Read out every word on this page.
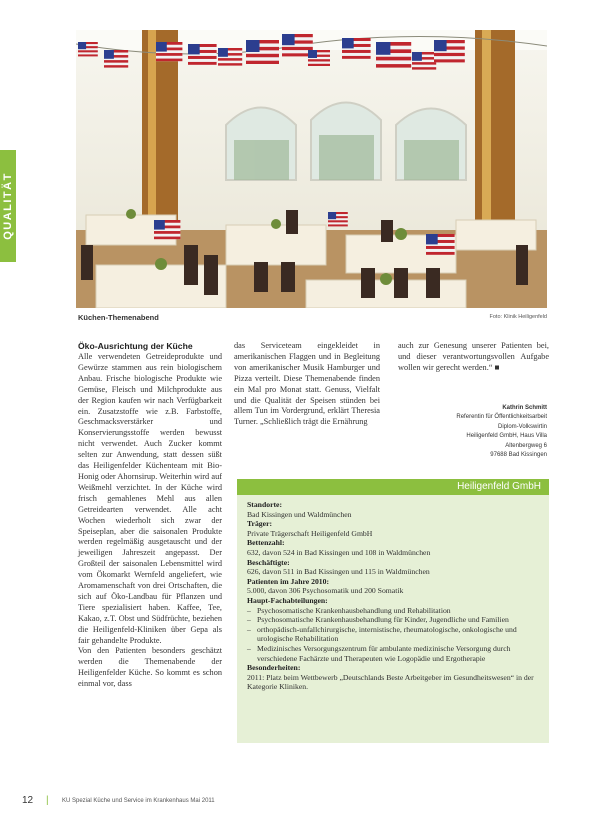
QUALITÄT
Küchen-Themenabend	Foto: Klinik Heiligenfeld
Öko-Ausrichtung der Küche

Alle verwendeten Getreideprodukte und Gewürze stammen aus rein biologischem Anbau. Frische biologische Produkte wie Gemüse, Fleisch und Milchprodukte aus der Region kaufen wir nach Verfügbarkeit ein. Zusatzstoffe wie z.B. Farbstoffe, Geschmacksverstärker und Konservierungsstoffe werden bewusst nicht verwendet. Auch Zucker kommt selten zur Anwendung, statt dessen süßt das Heiligenfelder Küchenteam mit Bio-Honig oder Ahornsirup. Weiterhin wird auf Weißmehl verzichtet. In der Küche wird frisch gemahlenes Mehl aus allen Getreidearten verwendet. Alle acht Wochen wiederholt sich zwar der Speiseplan, aber die saisonalen Produkte werden regelmäßig ausgetauscht und der jeweiligen Jahreszeit angepasst. Der Großteil der saisonalen Lebensmittel wird vom Ökomarkt Wernfeld angeliefert, wie Aromamenschaft von drei Ortschaften, die sich auf Öko-Landbau für Pflanzen und Tiere spezialisiert haben. Kaffee, Tee, Kakao, z.T. Obst und Südfrüchte, beziehen die Heiligenfeld-Kliniken über Gepa als fair gehandelte Produkte.

Von den Patienten besonders geschätzt werden die Themenabende der Heiligenfelder Küche. So kommt es schon einmal vor, dass

das Serviceteam eingekleidet in amerikanischen Flaggen und in Begleitung von amerikanischer Musik Hamburger und Pizza verteilt. Diese Themenabende finden ein Mal pro Monat statt. Genuss, Vielfalt und die Qualität der Speisen stünden bei allem Tun im Vordergrund, erklärt Theresia Turner. „Schließlich trägt die Ernährung

auch zur Genesung unserer Patienten bei, und dieser verantwortungsvollen Aufgabe wollen wir gerecht werden.“ ■

Kathrin Schmitt
Referentin für Öffentlichkeitsarbeit
Diplom-Volkswirtin
Heiligenfeld GmbH, Haus Villa
Altenbergweg 6
97688 Bad Kissingen
Heiligenfeld GmbH
Standorte:
Bad Kissingen und Waldmünchen
Träger:
Private Trägerschaft Heiligenfeld GmbH
Bettenzahl:
632, davon 524 in Bad Kissingen und 108 in Waldmünchen
Beschäftigte:
626, davon 511 in Bad Kissingen und 115 in Waldmünchen
Patienten im Jahre 2010:
5.000, davon 306 Psychosomatik und 200 Somatik
Haupt-Fachabteilungen:
– Psychosomatische Krankenhausbehandlung und Rehabilitation
– Psychosomatische Krankenhausbehandlung für Kinder, Jugendliche und Familien
– orthopädisch-unfallchirurgische, internistische, rheumatologische, onkologische und urologische Rehabilitation
– Medizinisches Versorgungszentrum für ambulante medizinische Versorgung durch verschiedene Fachärzte und Therapeuten wie Logopädie und Ergotherapie
Besonderheiten:
2011: Platz beim Wettbewerb „Deutschlands Beste Arbeitgeber im Gesundheitswesen“ in der Kategorie Kliniken.
12 | KU Spezial Küche und Service im Krankenhaus Mai 2011
